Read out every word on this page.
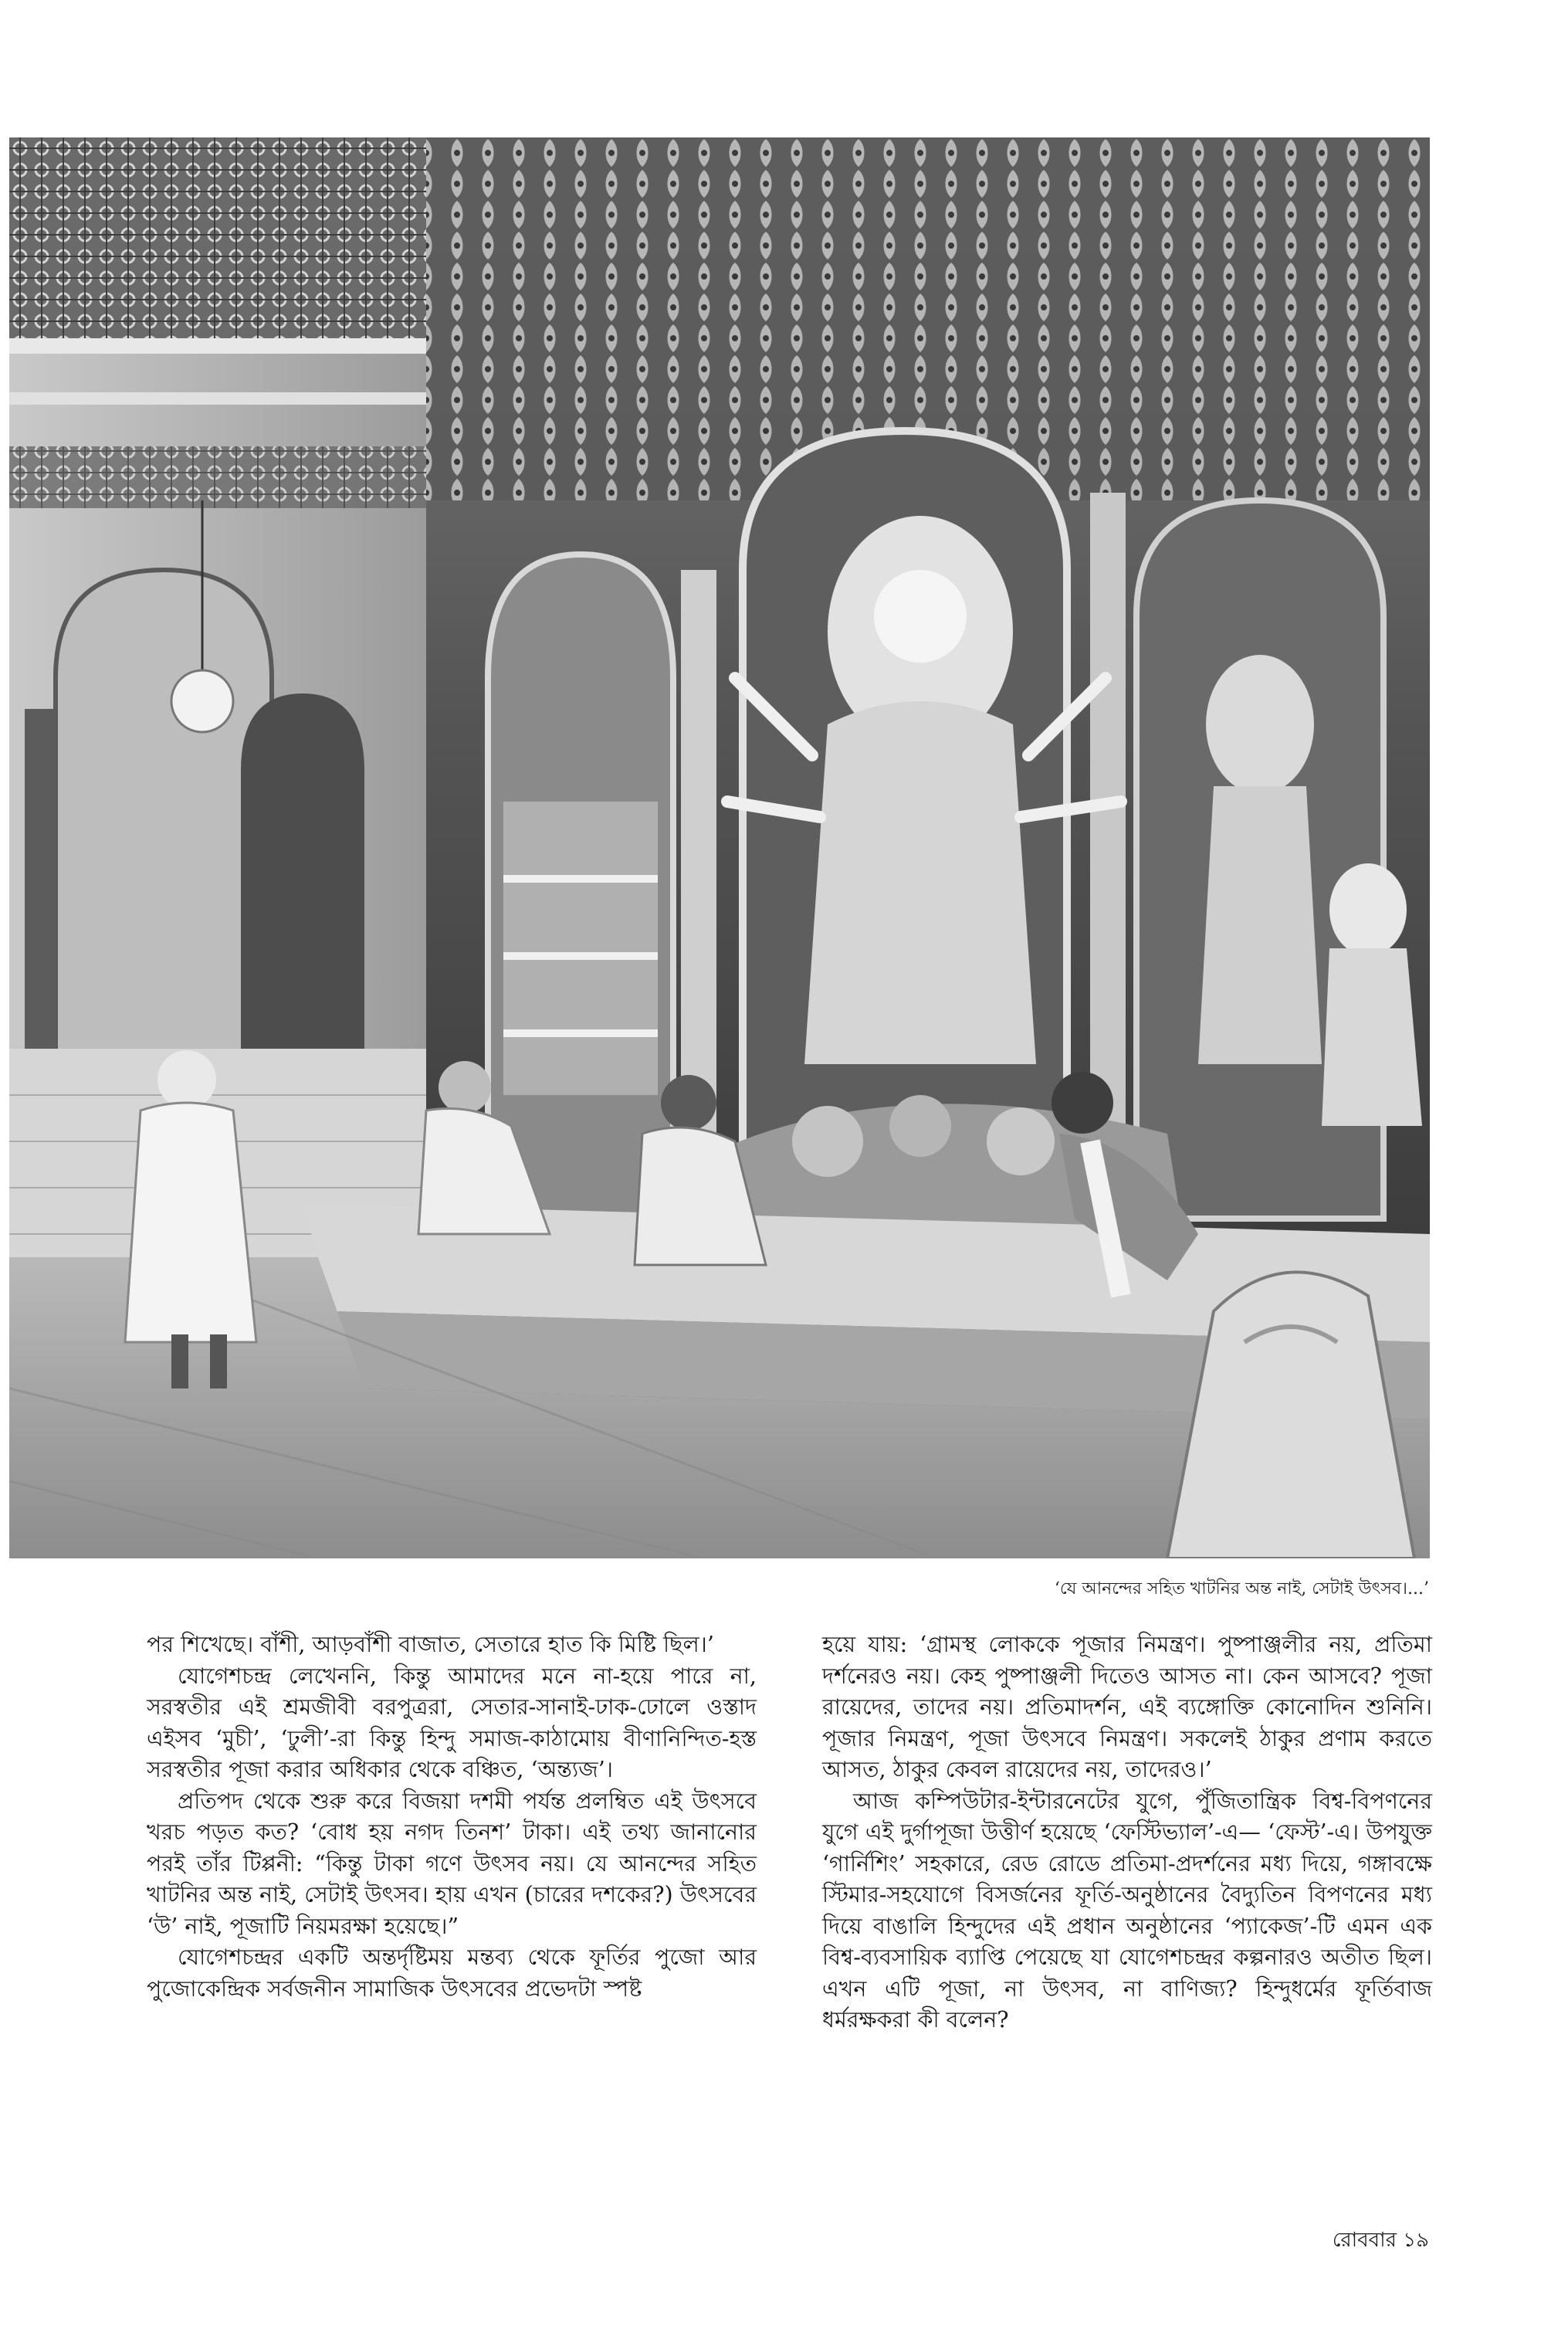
‘যে আনন্দের সহিত খাটনির অন্ত নাই, সেটাই উৎসব।...’

পর শিখেছে। বাঁশী, আড়বাঁশী বাজাত, সেতারে হাত কি মিষ্টি ছিল।’

যোগেশচন্দ্র লেখেননি, কিন্তু আমাদের মনে না-হয়ে পারে না, সরস্বতীর এই শ্রমজীবী বরপুত্ররা, সেতার-সানাই-ঢাক-ঢোলে ওস্তাদ এইসব ‘মুচী’, ‘ঢুলী’-রা কিন্তু হিন্দু সমাজ-কাঠামোয় বীণানিন্দিত-হস্ত সরস্বতীর পূজা করার অধিকার থেকে বঞ্চিত, ‘অন্ত্যজ’।

প্রতিপদ থেকে শুরু করে বিজয়া দশমী পর্যন্ত প্রলম্বিত এই উৎসবে খরচ পড়ত কত? ‘বোধ হয় নগদ তিনশ’ টাকা। এই তথ্য জানানোর পরই তাঁর টিপ্পনী: “কিন্তু টাকা গণে উৎসব নয়। যে আনন্দের সহিত খাটনির অন্ত নাই, সেটাই উৎসব। হায় এখন (চারের দশকের?) উৎসবের ‘উ’ নাই, পূজাটি নিয়মরক্ষা হয়েছে।”

যোগেশচন্দ্রর একটি অন্তর্দৃষ্টিময় মন্তব্য থেকে ফূর্তির পুজো আর পুজোকেন্দ্রিক সর্বজনীন সামাজিক উৎসবের প্রভেদটা স্পষ্ট

হয়ে যায়: ‘গ্রামস্থ লোককে পূজার নিমন্ত্রণ। পুষ্পাঞ্জলীর নয়, প্রতিমা দর্শনেরও নয়। কেহ পুষ্পাঞ্জলী দিতেও আসত না। কেন আসবে? পূজা রায়েদের, তাদের নয়। প্রতিমাদর্শন, এই ব্যঙ্গোক্তি কোনোদিন শুনিনি। পূজার নিমন্ত্রণ, পূজা উৎসবে নিমন্ত্রণ। সকলেই ঠাকুর প্রণাম করতে আসত, ঠাকুর কেবল রায়েদের নয়, তাদেরও।’

আজ কম্পিউটার-ইন্টারনেটের যুগে, পুঁজিতান্ত্রিক বিশ্ব-বিপণনের যুগে এই দুর্গাপূজা উত্তীর্ণ হয়েছে ‘ফেস্টিভ্যাল’-এ— ‘ফেস্ট’-এ। উপযুক্ত ‘গার্নিশিং’ সহকারে, রেড রোডে প্রতিমা-প্রদর্শনের মধ্য দিয়ে, গঙ্গাবক্ষে স্টিমার-সহযোগে বিসর্জনের ফূর্তি-অনুষ্ঠানের বৈদ্যুতিন বিপণনের মধ্য দিয়ে বাঙালি হিন্দুদের এই প্রধান অনুষ্ঠানের ‘প্যাকেজ’-টি এমন এক বিশ্ব-ব্যবসায়িক ব্যাপ্তি পেয়েছে যা যোগেশচন্দ্রর কল্পনারও অতীত ছিল। এখন এটি পূজা, না উৎসব, না বাণিজ্য? হিন্দুধর্মের ফূর্তিবাজ ধর্মরক্ষকরা কী বলেন?

রোববার ১৯
